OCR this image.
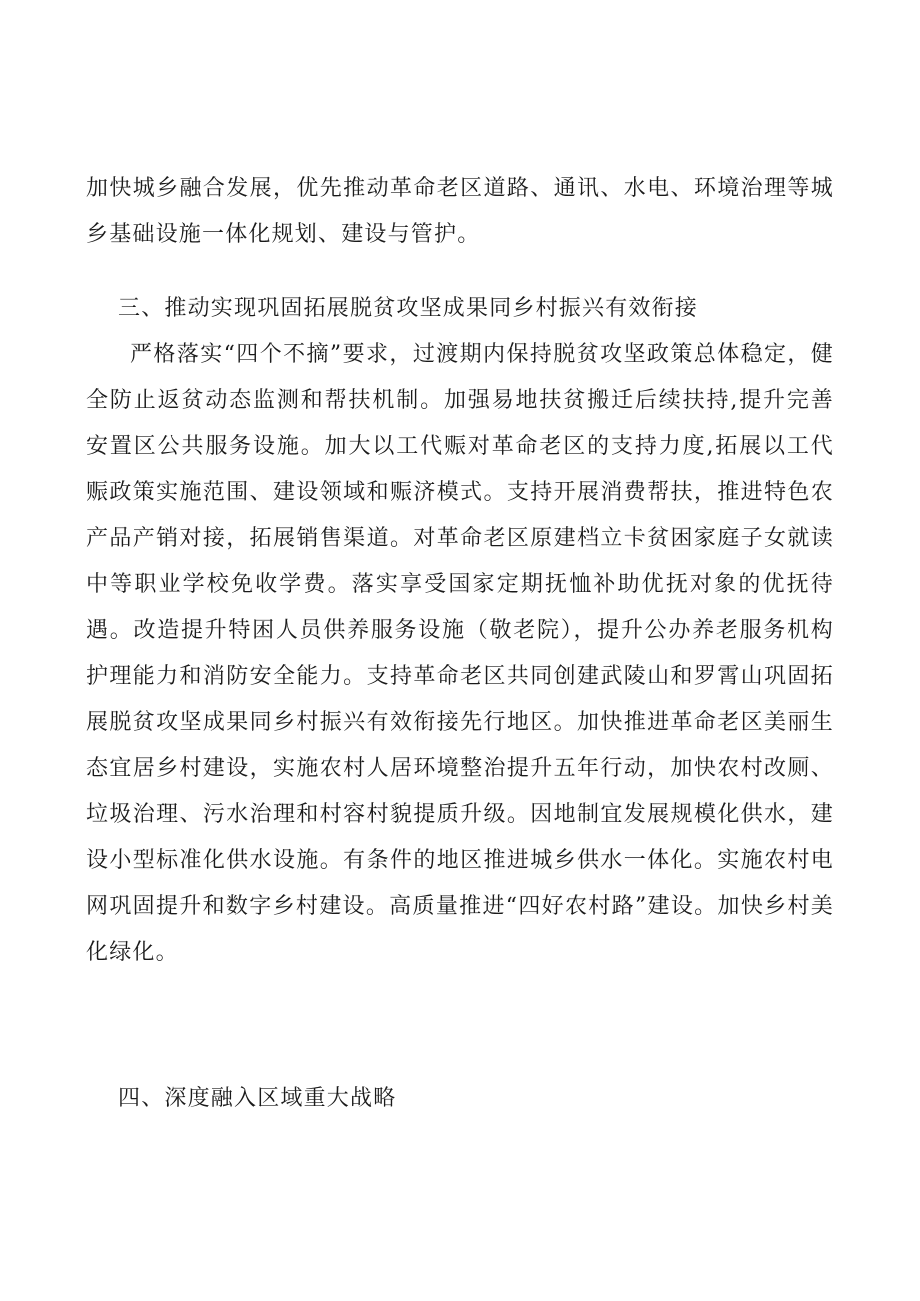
加快城乡融合发展，优先推动革命老区道路、通讯、水电、环境治理等城乡基础设施一体化规划、建设与管护。

三、推动实现巩固拓展脱贫攻坚成果同乡村振兴有效衔接

严格落实“四个不摘”要求，过渡期内保持脱贫攻坚政策总体稳定，健全防止返贫动态监测和帮扶机制。加强易地扶贫搬迁后续扶持,提升完善安置区公共服务设施。加大以工代赈对革命老区的支持力度,拓展以工代赈政策实施范围、建设领域和赈济模式。支持开展消费帮扶，推进特色农产品产销对接，拓展销售渠道。对革命老区原建档立卡贫困家庭子女就读中等职业学校免收学费。落实享受国家定期抚恤补助优抚对象的优抚待遇。改造提升特困人员供养服务设施（敬老院），提升公办养老服务机构护理能力和消防安全能力。支持革命老区共同创建武陵山和罗霄山巩固拓展脱贫攻坚成果同乡村振兴有效衔接先行地区。加快推进革命老区美丽生态宜居乡村建设，实施农村人居环境整治提升五年行动，加快农村改厕、垃圾治理、污水治理和村容村貌提质升级。因地制宜发展规模化供水，建设小型标准化供水设施。有条件的地区推进城乡供水一体化。实施农村电网巩固提升和数字乡村建设。高质量推进“四好农村路”建设。加快乡村美化绿化。

四、深度融入区域重大战略
